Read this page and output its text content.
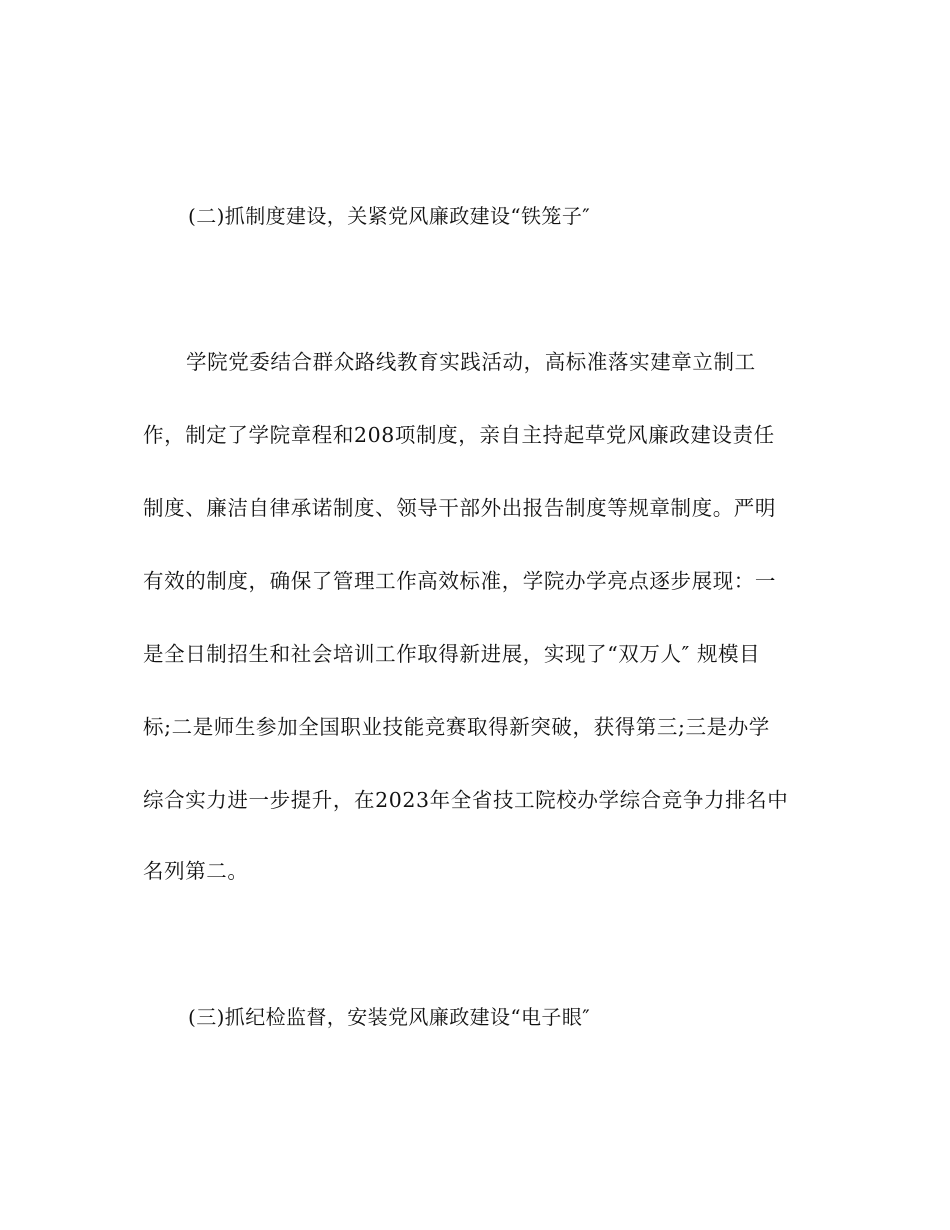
(二)抓制度建设，关紧党风廉政建设“铁笼子″
学院党委结合群众路线教育实践活动，高标准落实建章立制工
作，制定了学院章程和208项制度，亲自主持起草党风廉政建设责任
制度、廉洁自律承诺制度、领导干部外出报告制度等规章制度。严明
有效的制度，确保了管理工作高效标准，学院办学亮点逐步展现：一
是全日制招生和社会培训工作取得新进展，实现了“双万人″ 规模目
标;二是师生参加全国职业技能竞赛取得新突破，获得第三;三是办学
综合实力进一步提升，在2023年全省技工院校办学综合竞争力排名中
名列第二。
(三)抓纪检监督，安装党风廉政建设“电子眼″
